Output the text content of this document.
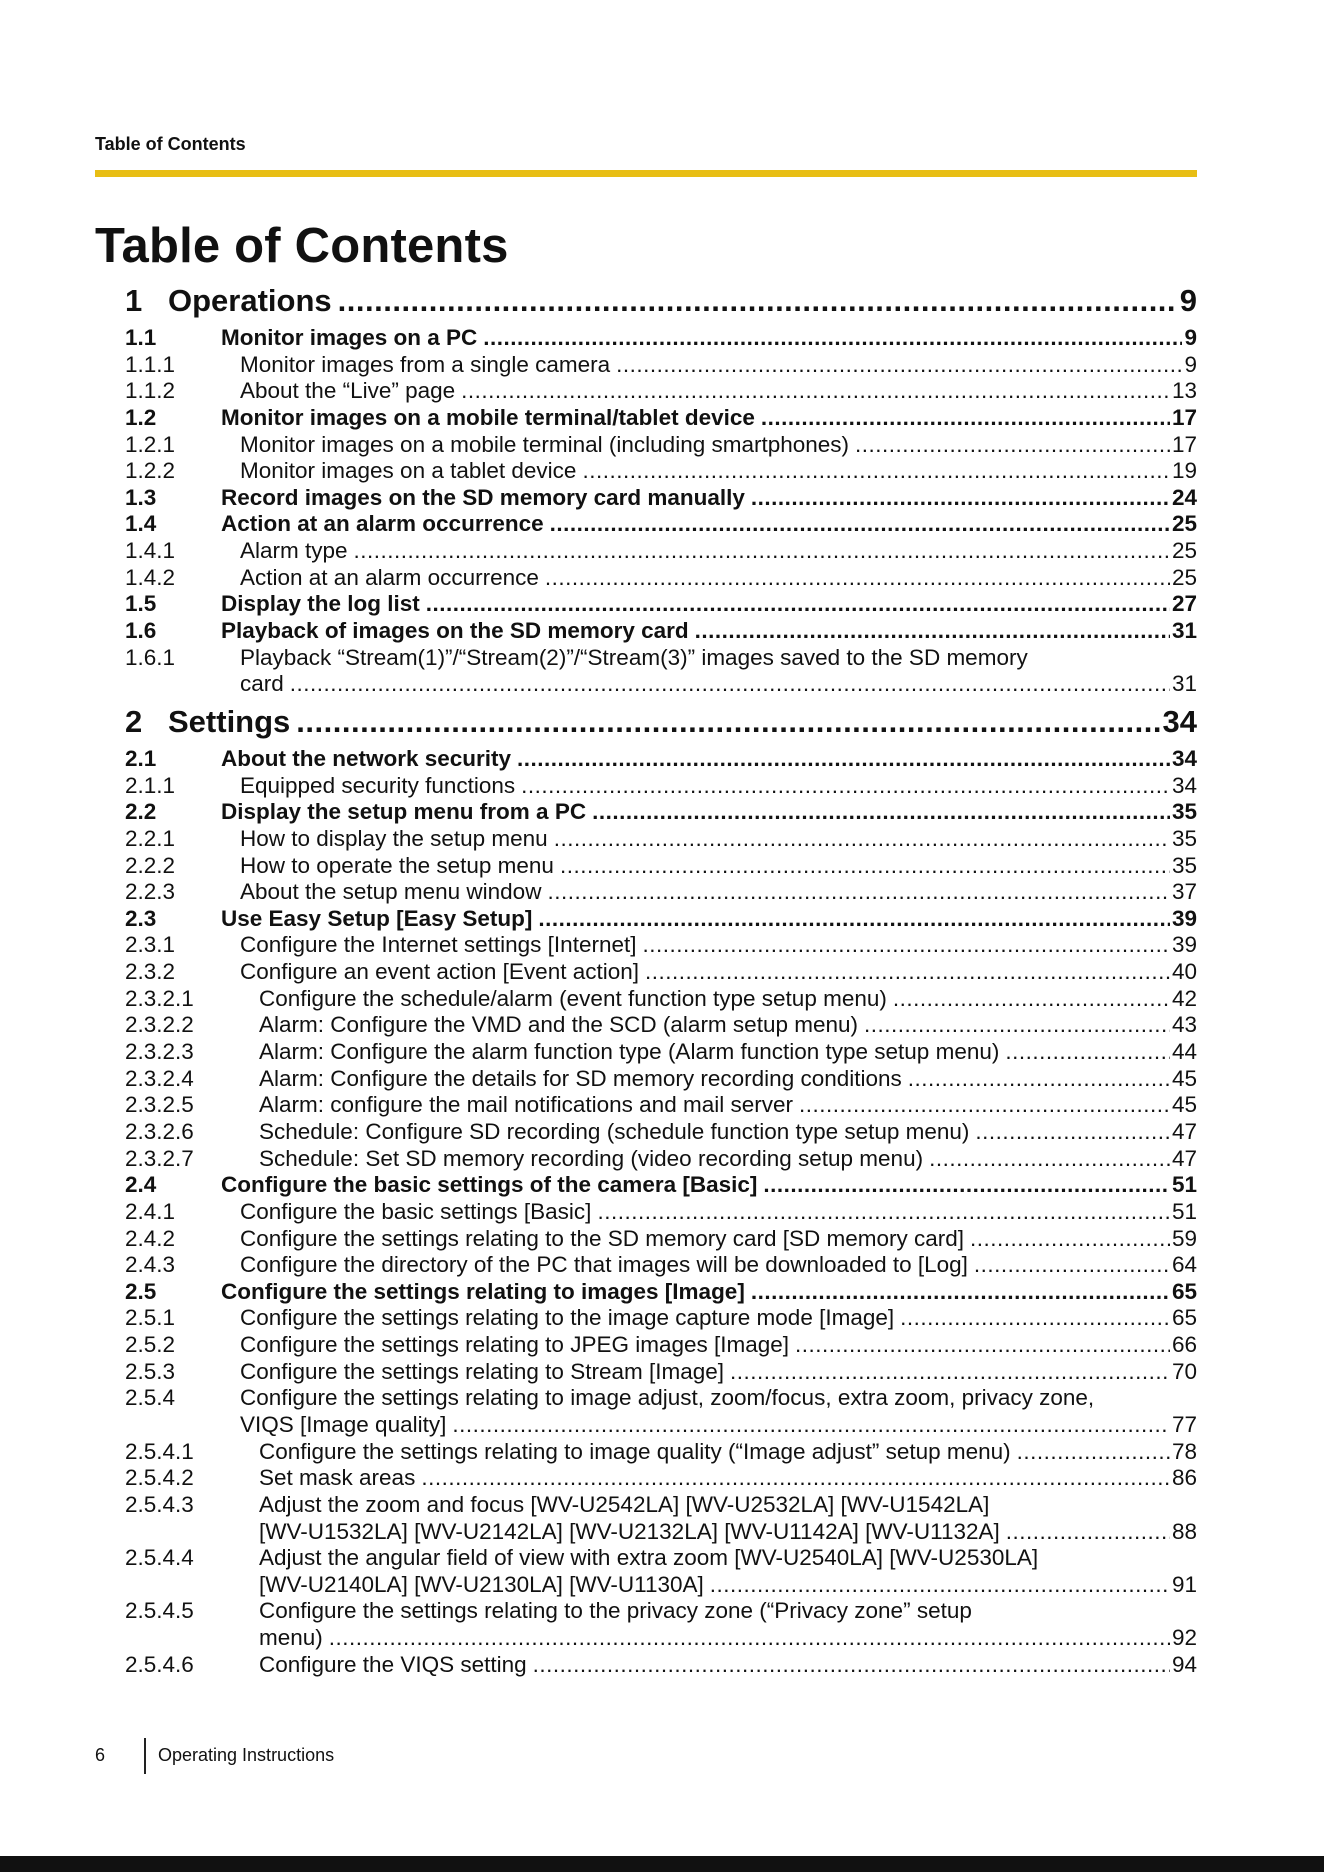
Table of Contents
Table of Contents
1 Operations .....	9
1.1	Monitor images on a PC .....	9
1.1.1	Monitor images from a single camera .....	9
1.1.2	About the “Live” page .....	13
1.2	Monitor images on a mobile terminal/tablet device .....	17
1.2.1	Monitor images on a mobile terminal (including smartphones) .....	17
1.2.2	Monitor images on a tablet device .....	19
1.3	Record images on the SD memory card manually .....	24
1.4	Action at an alarm occurrence .....	25
1.4.1	Alarm type .....	25
1.4.2	Action at an alarm occurrence .....	25
1.5	Display the log list .....	27
1.6	Playback of images on the SD memory card .....	31
1.6.1	Playback “Stream(1)”/“Stream(2)”/“Stream(3)” images saved to the SD memory
card .....	31
2 Settings .....	34
2.1	About the network security .....	34
2.1.1	Equipped security functions .....	34
2.2	Display the setup menu from a PC .....	35
2.2.1	How to display the setup menu .....	35
2.2.2	How to operate the setup menu .....	35
2.2.3	About the setup menu window .....	37
2.3	Use Easy Setup [Easy Setup] .....	39
2.3.1	Configure the Internet settings [Internet] .....	39
2.3.2	Configure an event action [Event action] .....	40
2.3.2.1	Configure the schedule/alarm (event function type setup menu) .....	42
2.3.2.2	Alarm: Configure the VMD and the SCD (alarm setup menu) .....	43
2.3.2.3	Alarm: Configure the alarm function type (Alarm function type setup menu) .....	44
2.3.2.4	Alarm: Configure the details for SD memory recording conditions .....	45
2.3.2.5	Alarm: configure the mail notifications and mail server .....	45
2.3.2.6	Schedule: Configure SD recording (schedule function type setup menu) .....	47
2.3.2.7	Schedule: Set SD memory recording (video recording setup menu) .....	47
2.4	Configure the basic settings of the camera [Basic] .....	51
2.4.1	Configure the basic settings [Basic] .....	51
2.4.2	Configure the settings relating to the SD memory card [SD memory card] .....	59
2.4.3	Configure the directory of the PC that images will be downloaded to [Log] .....	64
2.5	Configure the settings relating to images [Image] .....	65
2.5.1	Configure the settings relating to the image capture mode [Image] .....	65
2.5.2	Configure the settings relating to JPEG images [Image] .....	66
2.5.3	Configure the settings relating to Stream [Image] .....	70
2.5.4	Configure the settings relating to image adjust, zoom/focus, extra zoom, privacy zone,
VIQS [Image quality] .....	77
2.5.4.1	Configure the settings relating to image quality (“Image adjust” setup menu) .....	78
2.5.4.2	Set mask areas .....	86
2.5.4.3	Adjust the zoom and focus [WV-U2542LA] [WV-U2532LA] [WV-U1542LA]
[WV-U1532LA] [WV-U2142LA] [WV-U2132LA] [WV-U1142A] [WV-U1132A] .....	88
2.5.4.4	Adjust the angular field of view with extra zoom [WV-U2540LA] [WV-U2530LA]
[WV-U2140LA] [WV-U2130LA] [WV-U1130A] .....	91
2.5.4.5	Configure the settings relating to the privacy zone (“Privacy zone” setup
menu) .....	92
2.5.4.6	Configure the VIQS setting .....	94
6	Operating Instructions
